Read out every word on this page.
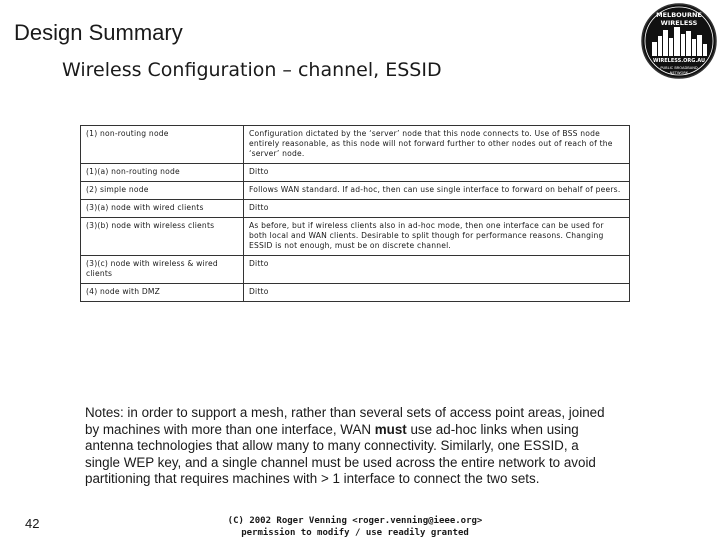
Design Summary
Wireless Configuration – channel, ESSID
MELBOURNE
WIRELESS
WIRELESS.ORG.AU
PUBLIC BROADBAND
NETWORK
(1) non-routing node	Configuration dictated by the ‘server’ node that this node connects to. Use of BSS node entirely reasonable, as this node will not forward further to other nodes out of reach of the ‘server’ node.
(1)(a) non-routing node	Ditto
(2) simple node	Follows WAN standard. If ad-hoc, then can use single interface to forward on behalf of peers.
(3)(a) node with wired clients	Ditto
(3)(b) node with wireless clients	As before, but if wireless clients also in ad-hoc mode, then one interface can be used for both local and WAN clients. Desirable to split though for performance reasons. Changing ESSID is not enough, must be on discrete channel.
(3)(c) node with wireless & wired clients	Ditto
(4) node with DMZ	Ditto
Notes: in order to support a mesh, rather than several sets of access point areas, joined by machines with more than one interface, WAN must use ad-hoc links when using antenna technologies that allow many to many connectivity. Similarly, one ESSID, a single WEP key, and a single channel must be used across the entire network to avoid partitioning that requires machines with > 1 interface to connect the two sets.
42	(C) 2002 Roger Venning <roger.venning@ieee.org>
permission to modify / use readily granted
